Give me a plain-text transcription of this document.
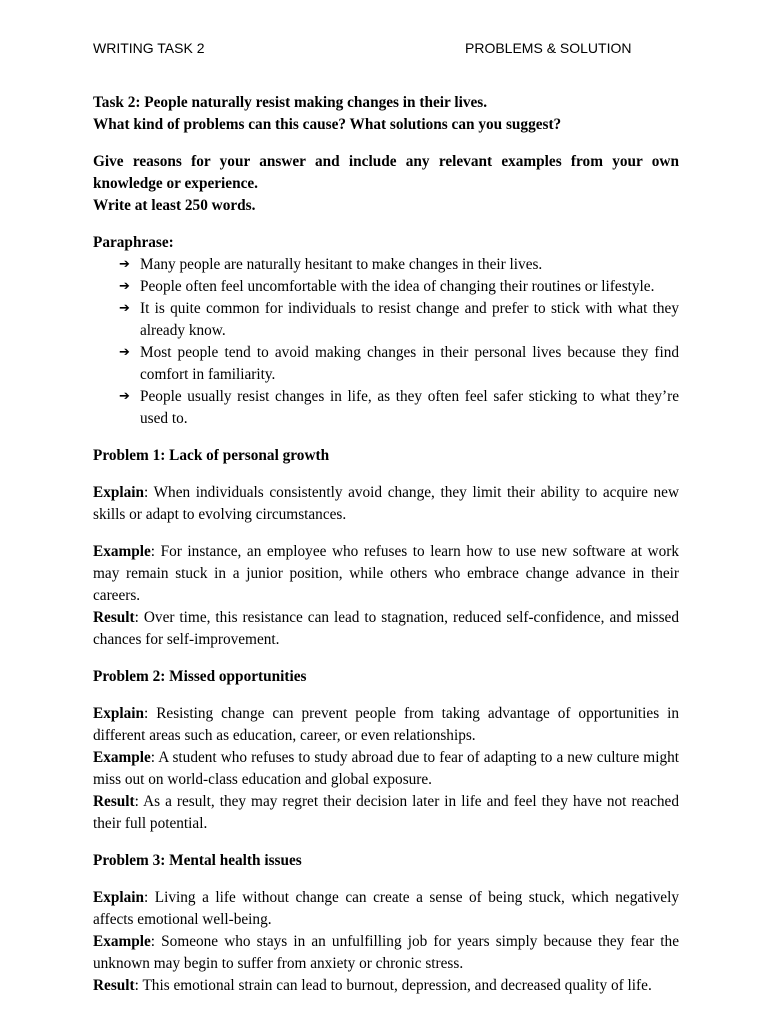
WRITING TASK 2	PROBLEMS & SOLUTION

Task 2: People naturally resist making changes in their lives.
What kind of problems can this cause? What solutions can you suggest?

Give reasons for your answer and include any relevant examples from your own knowledge or experience.
Write at least 250 words.

Paraphrase:

➔ Many people are naturally hesitant to make changes in their lives.
➔ People often feel uncomfortable with the idea of changing their routines or lifestyle.
➔ It is quite common for individuals to resist change and prefer to stick with what they already know.
➔ Most people tend to avoid making changes in their personal lives because they find comfort in familiarity.
➔ People usually resist changes in life, as they often feel safer sticking to what they’re used to.

Problem 1: Lack of personal growth

Explain: When individuals consistently avoid change, they limit their ability to acquire new skills or adapt to evolving circumstances.

Example: For instance, an employee who refuses to learn how to use new software at work may remain stuck in a junior position, while others who embrace change advance in their careers.

Result: Over time, this resistance can lead to stagnation, reduced self-confidence, and missed chances for self-improvement.

Problem 2: Missed opportunities

Explain: Resisting change can prevent people from taking advantage of opportunities in different areas such as education, career, or even relationships.

Example: A student who refuses to study abroad due to fear of adapting to a new culture might miss out on world-class education and global exposure.

Result: As a result, they may regret their decision later in life and feel they have not reached their full potential.

Problem 3: Mental health issues

Explain: Living a life without change can create a sense of being stuck, which negatively affects emotional well-being.

Example: Someone who stays in an unfulfilling job for years simply because they fear the unknown may begin to suffer from anxiety or chronic stress.

Result: This emotional strain can lead to burnout, depression, and decreased quality of life.
